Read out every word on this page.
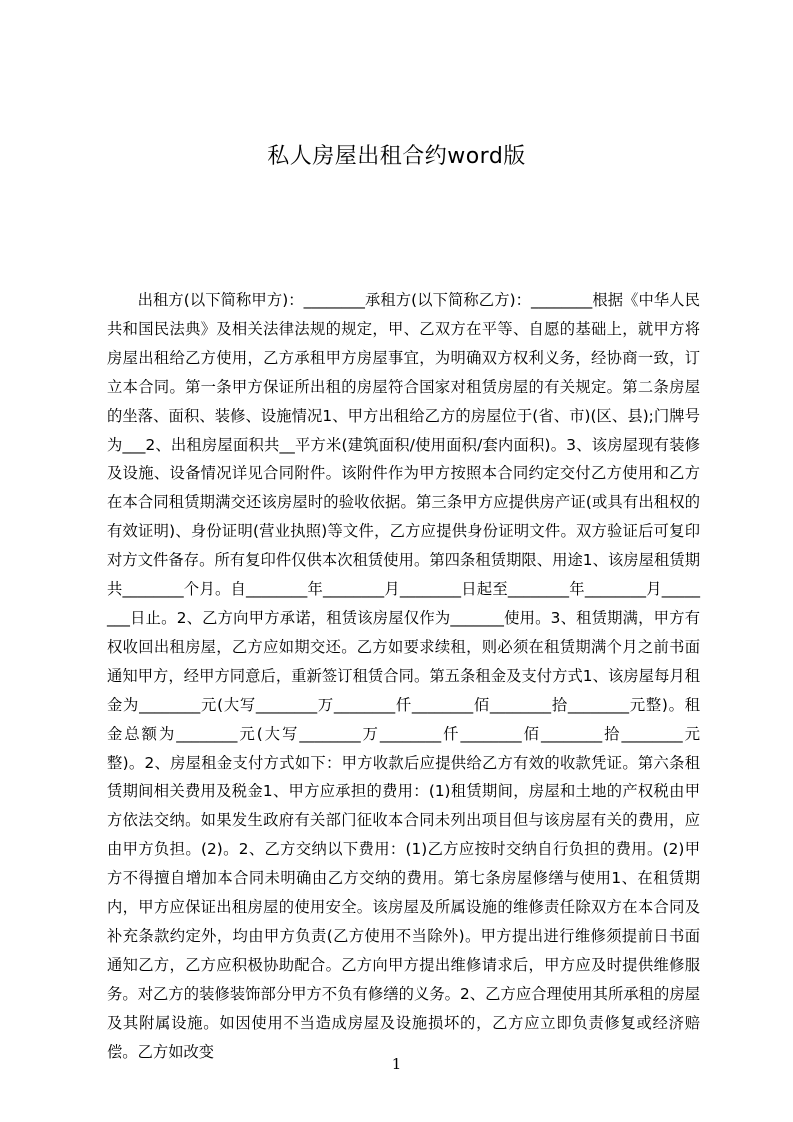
私人房屋出租合约word版

出租方(以下简称甲方)：________承租方(以下简称乙方)：________根据《中华人民共和国民法典》及相关法律法规的规定，甲、乙双方在平等、自愿的基础上，就甲方将房屋出租给乙方使用，乙方承租甲方房屋事宜，为明确双方权利义务，经协商一致，订立本合同。第一条甲方保证所出租的房屋符合国家对租赁房屋的有关规定。第二条房屋的坐落、面积、装修、设施情况1、甲方出租给乙方的房屋位于(省、市)(区、县);门牌号为___2、出租房屋面积共__平方米(建筑面积/使用面积/套内面积)。3、该房屋现有装修及设施、设备情况详见合同附件。该附件作为甲方按照本合同约定交付乙方使用和乙方在本合同租赁期满交还该房屋时的验收依据。第三条甲方应提供房产证(或具有出租权的有效证明)、身份证明(营业执照)等文件，乙方应提供身份证明文件。双方验证后可复印对方文件备存。所有复印件仅供本次租赁使用。第四条租赁期限、用途1、该房屋租赁期共________个月。自________年________月________日起至________年________月________日止。2、乙方向甲方承诺，租赁该房屋仅作为_______使用。3、租赁期满，甲方有权收回出租房屋，乙方应如期交还。乙方如要求续租，则必须在租赁期满个月之前书面通知甲方，经甲方同意后，重新签订租赁合同。第五条租金及支付方式1、该房屋每月租金为________元(大写________万________仟________佰________拾________元整)。租金总额为________元(大写________万________仟________佰________拾________元整)。2、房屋租金支付方式如下：甲方收款后应提供给乙方有效的收款凭证。第六条租赁期间相关费用及税金1、甲方应承担的费用：(1)租赁期间，房屋和土地的产权税由甲方依法交纳。如果发生政府有关部门征收本合同未列出项目但与该房屋有关的费用，应由甲方负担。(2)。2、乙方交纳以下费用：(1)乙方应按时交纳自行负担的费用。(2)甲方不得擅自增加本合同未明确由乙方交纳的费用。第七条房屋修缮与使用1、在租赁期内，甲方应保证出租房屋的使用安全。该房屋及所属设施的维修责任除双方在本合同及补充条款约定外，均由甲方负责(乙方使用不当除外)。甲方提出进行维修须提前日书面通知乙方，乙方应积极协助配合。乙方向甲方提出维修请求后，甲方应及时提供维修服务。对乙方的装修装饰部分甲方不负有修缮的义务。2、乙方应合理使用其所承租的房屋及其附属设施。如因使用不当造成房屋及设施损坏的，乙方应立即负责修复或经济赔偿。乙方如改变

1
